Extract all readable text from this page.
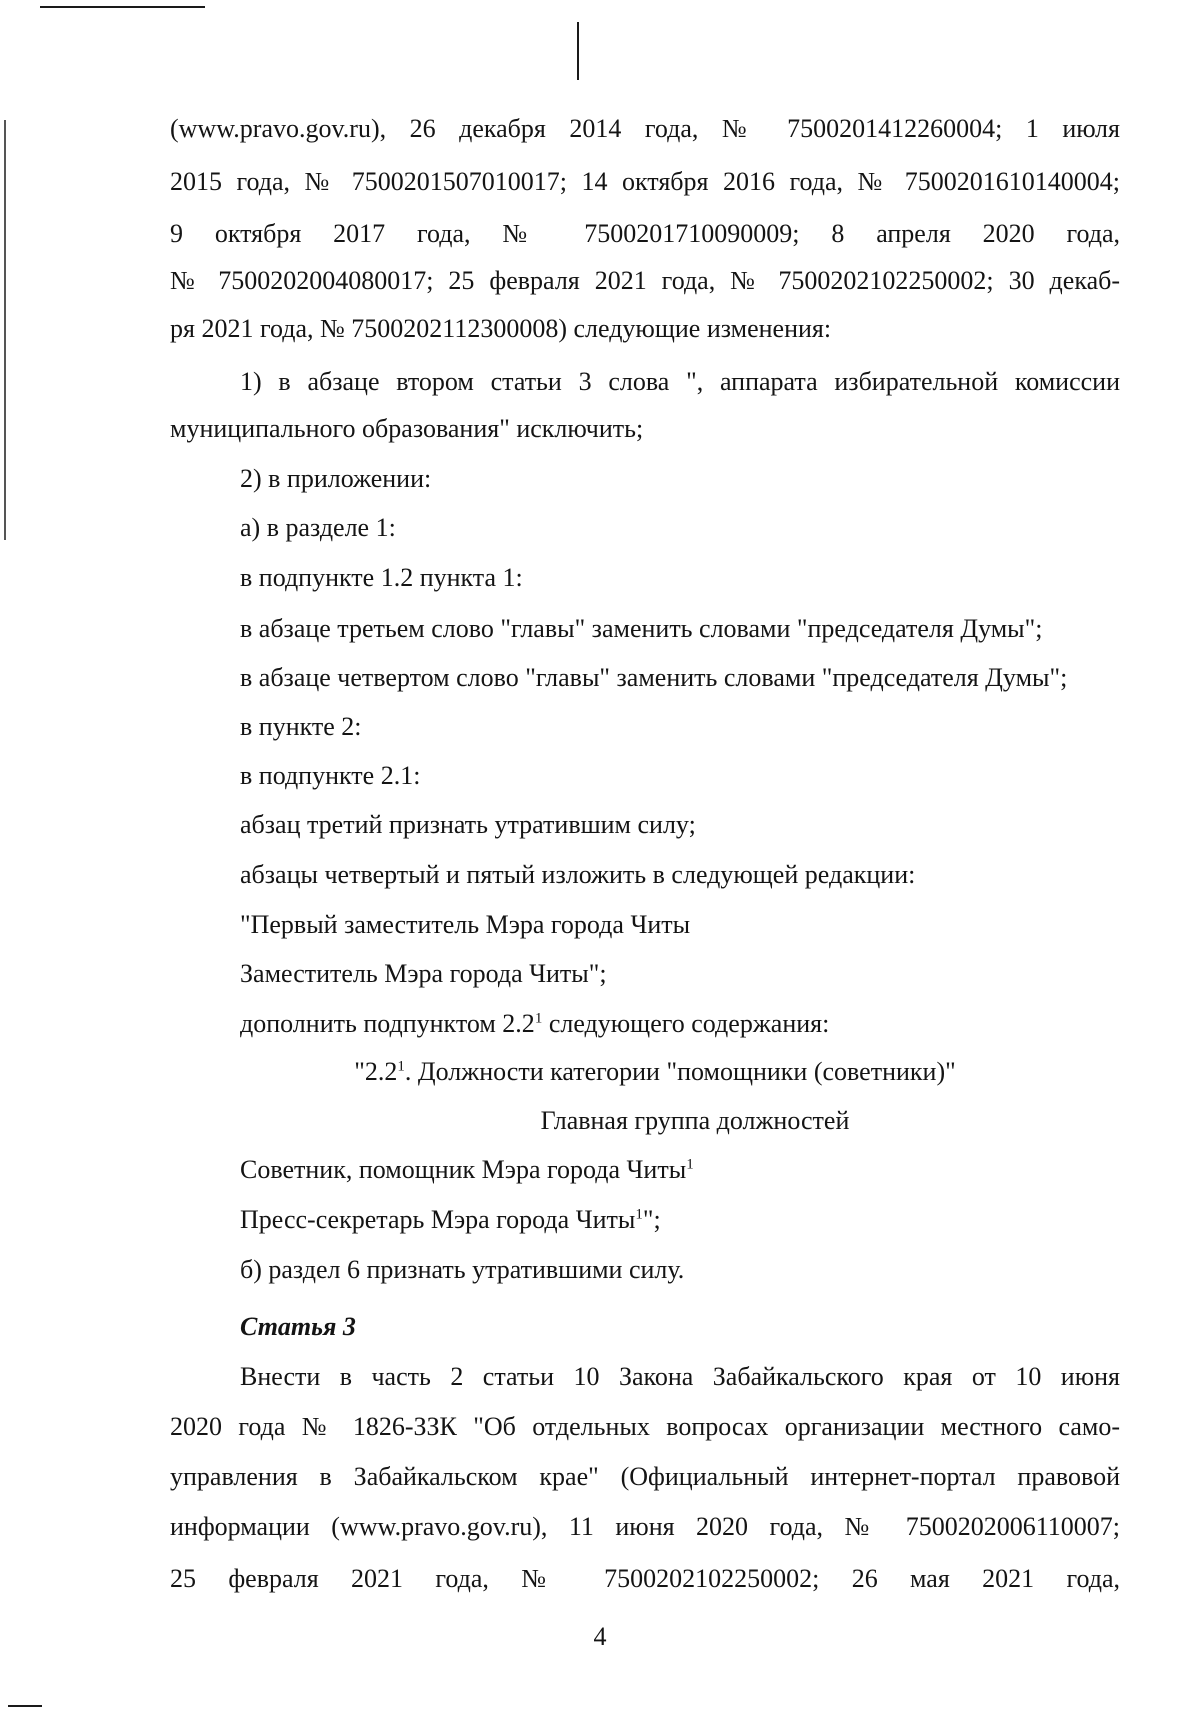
(www.pravo.gov.ru), 26 декабря 2014 года, № 7500201412260004; 1 июля
2015 года, № 7500201507010017; 14 октября 2016 года, № 7500201610140004;
9 октября 2017 года, № 7500201710090009; 8 апреля 2020 года,
№ 7500202004080017; 25 февраля 2021 года, № 7500202102250002; 30 декаб-
ря 2021 года, № 7500202112300008) следующие изменения:
1) в абзаце втором статьи 3 слова ", аппарата избирательной комиссии
муниципального образования" исключить;
2) в приложении:
а) в разделе 1:
в подпункте 1.2 пункта 1:
в абзаце третьем слово "главы" заменить словами "председателя Думы";
в абзаце четвертом слово "главы" заменить словами "председателя Думы";
в пункте 2:
в подпункте 2.1:
абзац третий признать утратившим силу;
абзацы четвертый и пятый изложить в следующей редакции:
"Первый заместитель Мэра города Читы
Заместитель Мэра города Читы";
дополнить подпунктом $2.2^1$ следующего содержания:
"$2.2^1$. Должности категории "помощники (советники)"
Главная группа должностей
Советник, помощник Мэра города Читы$^1$
Пресс-секретарь Мэра города Читы$^1$";
б) раздел 6 признать утратившими силу.
Статья 3
Внести в часть 2 статьи 10 Закона Забайкальского края от 10 июня
2020 года № 1826-ЗЗК "Об отдельных вопросах организации местного само-
управления в Забайкальском крае" (Официальный интернет-портал правовой
информации (www.pravo.gov.ru), 11 июня 2020 года, № 7500202006110007;
25 февраля 2021 года, № 7500202102250002; 26 мая 2021 года,
4
